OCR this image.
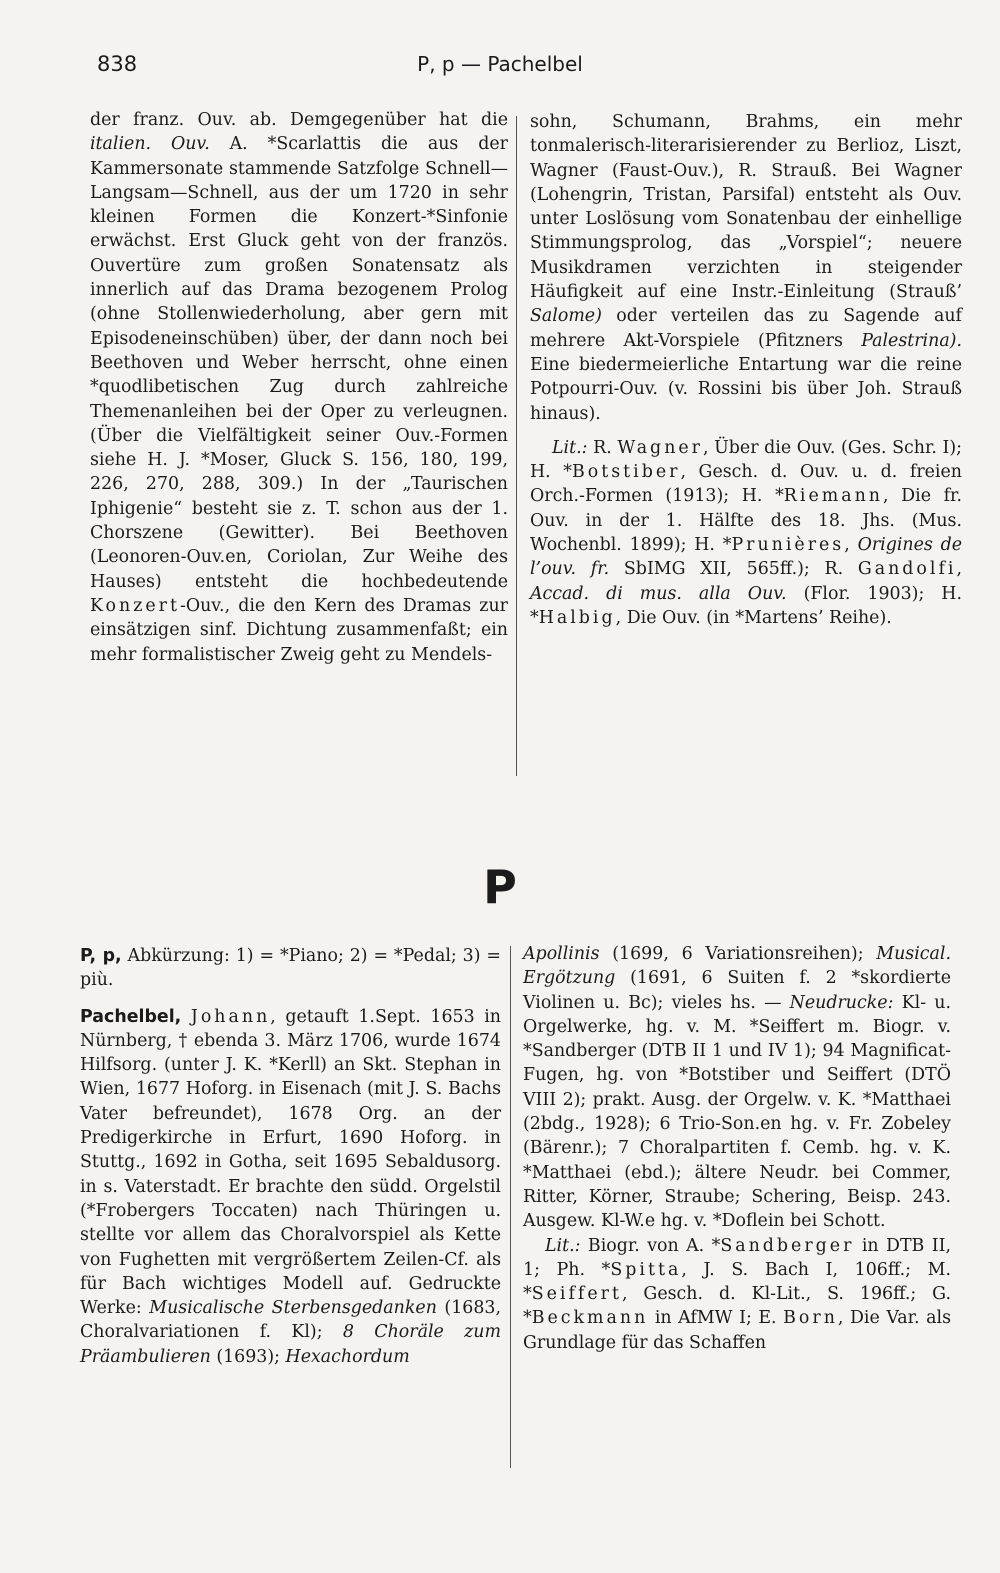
838	P, p — Pachelbel

der franz. Ouv. ab. Demgegenüber hat die italien. Ouv. A. *Scarlattis die aus der Kammersonate stammende Satzfolge Schnell—Langsam—Schnell, aus der um 1720 in sehr kleinen Formen die Konzert-*Sinfonie erwächst. Erst Gluck geht von der französ. Ouvertüre zum großen Sonatensatz als innerlich auf das Drama bezogenem Prolog (ohne Stollenwiederholung, aber gern mit Episodeneinschüben) über, der dann noch bei Beethoven und Weber herrscht, ohne einen *quodlibetischen Zug durch zahlreiche Themenanleihen bei der Oper zu verleugnen. (Über die Vielfältigkeit seiner Ouv.-Formen siehe H. J. *Moser, Gluck S. 156, 180, 199, 226, 270, 288, 309.) In der „Taurischen Iphigenie“ besteht sie z. T. schon aus der 1. Chorszene (Gewitter). Bei Beethoven (Leonoren-Ouv.en, Coriolan, Zur Weihe des Hauses) entsteht die hochbedeutende Konzert-Ouv., die den Kern des Dramas zur einsätzigen sinf. Dichtung zusammenfaßt; ein mehr formalistischer Zweig geht zu Mendels-

sohn, Schumann, Brahms, ein mehr tonmalerisch-literarisierender zu Berlioz, Liszt, Wagner (Faust-Ouv.), R. Strauß. Bei Wagner (Lohengrin, Tristan, Parsifal) entsteht als Ouv. unter Loslösung vom Sonatenbau der einhellige Stimmungsprolog, das „Vorspiel“; neuere Musikdramen verzichten in steigender Häufigkeit auf eine Instr.-Einleitung (Strauß’ Salome) oder verteilen das zu Sagende auf mehrere Akt-Vorspiele (Pfitzners Palestrina). Eine biedermeierliche Entartung war die reine Potpourri-Ouv. (v. Rossini bis über Joh. Strauß hinaus).

Lit.: R. Wagner, Über die Ouv. (Ges. Schr. I); H. *Botstiber, Gesch. d. Ouv. u. d. freien Orch.-Formen (1913); H. *Riemann, Die fr. Ouv. in der 1. Hälfte des 18. Jhs. (Mus. Wochenbl. 1899); H. *Prunières, Origines de l’ouv. fr. SbIMG XII, 565ff.); R. Gandolfi, Accad. di mus. alla Ouv. (Flor. 1903); H. *Halbig, Die Ouv. (in *Martens’ Reihe).

P

P, p, Abkürzung: 1) = *Piano; 2) = *Pedal; 3) = più.

Pachelbel, Johann, getauft 1.Sept. 1653 in Nürnberg, † ebenda 3. März 1706, wurde 1674 Hilfsorg. (unter J. K. *Kerll) an Skt. Stephan in Wien, 1677 Hoforg. in Eisenach (mit J. S. Bachs Vater befreundet), 1678 Org. an der Predigerkirche in Erfurt, 1690 Hoforg. in Stuttg., 1692 in Gotha, seit 1695 Sebaldusorg. in s. Vaterstadt. Er brachte den südd. Orgelstil (*Frobergers Toccaten) nach Thüringen u. stellte vor allem das Choralvorspiel als Kette von Fughetten mit vergrößertem Zeilen-Cf. als für Bach wichtiges Modell auf. Gedruckte Werke: Musicalische Sterbensgedanken (1683, Choralvariationen f. Kl); 8 Choräle zum Präambulieren (1693); Hexachordum

Apollinis (1699, 6 Variationsreihen); Musical. Ergötzung (1691, 6 Suiten f. 2 *skordierte Violinen u. Bc); vieles hs. — Neudrucke: Kl- u. Orgelwerke, hg. v. M. *Seiffert m. Biogr. v. *Sandberger (DTB II 1 und IV 1); 94 Magnificat-Fugen, hg. von *Botstiber und Seiffert (DTÖ VIII 2); prakt. Ausg. der Orgelw. v. K. *Matthaei (2bdg., 1928); 6 Trio-Son.en hg. v. Fr. Zobeley (Bärenr.); 7 Choralpartiten f. Cemb. hg. v. K. *Matthaei (ebd.); ältere Neudr. bei Commer, Ritter, Körner, Straube; Schering, Beisp. 243. Ausgew. Kl-W.e hg. v. *Doflein bei Schott.

Lit.: Biogr. von A. *Sandberger in DTB II, 1; Ph. *Spitta, J. S. Bach I, 106ff.; M. *Seiffert, Gesch. d. Kl-Lit., S. 196ff.; G. *Beckmann in AfMW I; E. Born, Die Var. als Grundlage für das Schaffen
